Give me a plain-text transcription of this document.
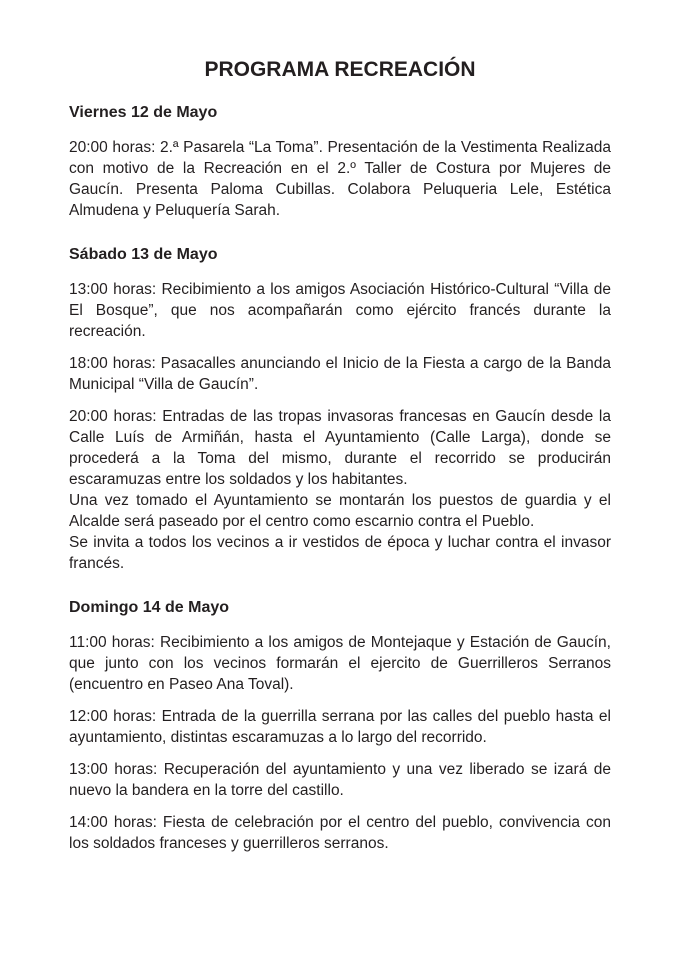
PROGRAMA RECREACIÓN
Viernes 12 de Mayo

20:00 horas: 2.ª Pasarela “La Toma”. Presentación de la Vestimenta Realizada con motivo de la Recreación en el 2.º Taller de Costura por Mujeres de Gaucín. Presenta Paloma Cubillas. Colabora Peluqueria Lele, Estética Almudena y Peluquería Sarah.

Sábado 13 de Mayo

13:00 horas: Recibimiento a los amigos Asociación Histórico-Cultural “Villa de El Bosque”, que nos acompañarán como ejército francés durante la recreación.

18:00 horas: Pasacalles anunciando el Inicio de la Fiesta a cargo de la Banda Municipal “Villa de Gaucín”.

20:00 horas: Entradas de las tropas invasoras francesas en Gaucín desde la Calle Luís de Armiñán, hasta el Ayuntamiento (Calle Larga), donde se procederá a la Toma del mismo, durante el recorrido se producirán escaramuzas entre los soldados y los habitantes.

Una vez tomado el Ayuntamiento se montarán los puestos de guardia y el Alcalde será paseado por el centro como escarnio contra el Pueblo.

Se invita a todos los vecinos a ir vestidos de época y luchar contra el invasor francés.

Domingo 14 de Mayo

11:00 horas: Recibimiento a los amigos de Montejaque y Estación de Gaucín, que junto con los vecinos formarán el ejercito de Guerrilleros Serranos (encuentro en Paseo Ana Toval).

12:00 horas: Entrada de la guerrilla serrana por las calles del pueblo hasta el ayuntamiento, distintas escaramuzas a lo largo del recorrido.

13:00 horas: Recuperación del ayuntamiento y una vez liberado se izará de nuevo la bandera en la torre del castillo.

14:00 horas: Fiesta de celebración por el centro del pueblo, convivencia con los soldados franceses y guerrilleros serranos.
